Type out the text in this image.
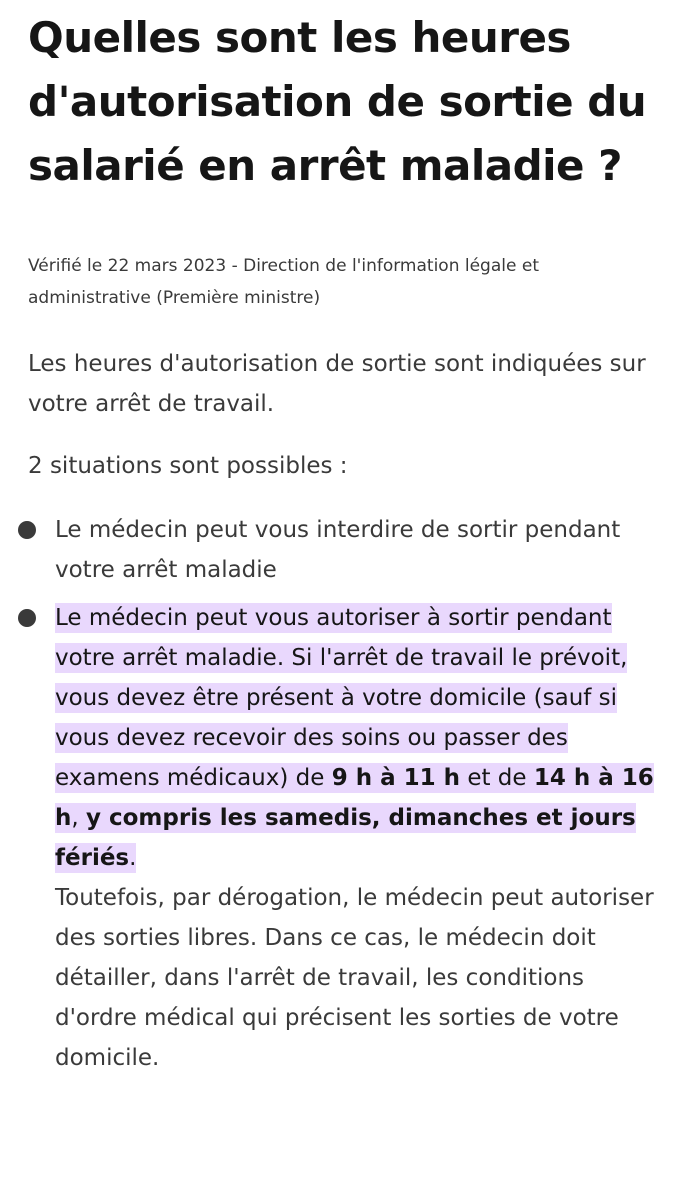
Quelles sont les heures d'autorisation de sortie du salarié en arrêt maladie ?
Vérifié le 22 mars 2023 - Direction de l'information légale et administrative (Première ministre)
Les heures d'autorisation de sortie sont indiquées sur votre arrêt de travail.
2 situations sont possibles :
Le médecin peut vous interdire de sortir pendant votre arrêt maladie
Le médecin peut vous autoriser à sortir pendant votre arrêt maladie. Si l'arrêt de travail le prévoit, vous devez être présent à votre domicile (sauf si vous devez recevoir des soins ou passer des examens médicaux) de 9 h à 11 h et de 14 h à 16 h, y compris les samedis, dimanches et jours fériés.
Toutefois, par dérogation, le médecin peut autoriser des sorties libres. Dans ce cas, le médecin doit détailler, dans l'arrêt de travail, les conditions d'ordre médical qui précisent les sorties de votre domicile.
